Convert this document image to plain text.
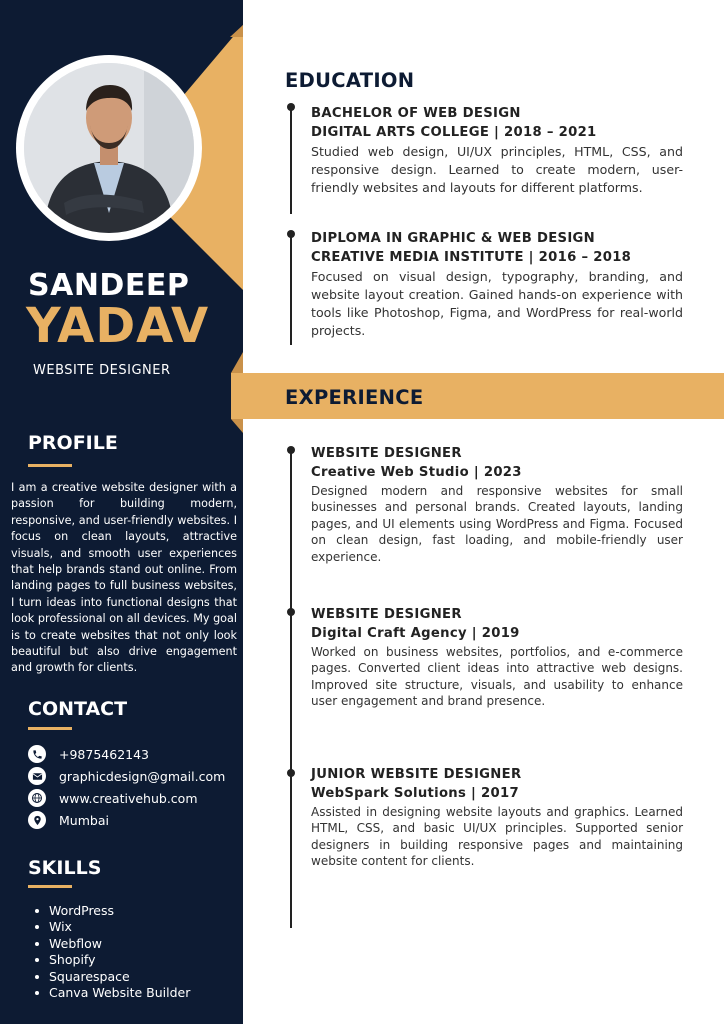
SANDEEP
YADAV
WEBSITE DESIGNER
PROFILE
I am a creative website designer with a passion for building modern, responsive, and user-friendly websites. I focus on clean layouts, attractive visuals, and smooth user experiences that help brands stand out online. From landing pages to full business websites, I turn ideas into functional designs that look professional on all devices. My goal is to create websites that not only look beautiful but also drive engagement and growth for clients.
CONTACT
+9875462143
graphicdesign@gmail.com
www.creativehub.com
Mumbai
SKILLS
WordPress
Wix
Webflow
Shopify
Squarespace
Canva Website Builder
EDUCATION
BACHELOR OF WEB DESIGN
DIGITAL ARTS COLLEGE | 2018 – 2021
Studied web design, UI/UX principles, HTML, CSS, and responsive design. Learned to create modern, user-friendly websites and layouts for different platforms.
DIPLOMA IN GRAPHIC & WEB DESIGN
CREATIVE MEDIA INSTITUTE | 2016 – 2018
Focused on visual design, typography, branding, and website layout creation. Gained hands-on experience with tools like Photoshop, Figma, and WordPress for real-world projects.
EXPERIENCE
WEBSITE DESIGNER
Creative Web Studio | 2023
Designed modern and responsive websites for small businesses and personal brands. Created layouts, landing pages, and UI elements using WordPress and Figma. Focused on clean design, fast loading, and mobile-friendly user experience.
WEBSITE DESIGNER
Digital Craft Agency | 2019
Worked on business websites, portfolios, and e-commerce pages. Converted client ideas into attractive web designs. Improved site structure, visuals, and usability to enhance user engagement and brand presence.
JUNIOR WEBSITE DESIGNER
WebSpark Solutions | 2017
Assisted in designing website layouts and graphics. Learned HTML, CSS, and basic UI/UX principles. Supported senior designers in building responsive pages and maintaining website content for clients.
